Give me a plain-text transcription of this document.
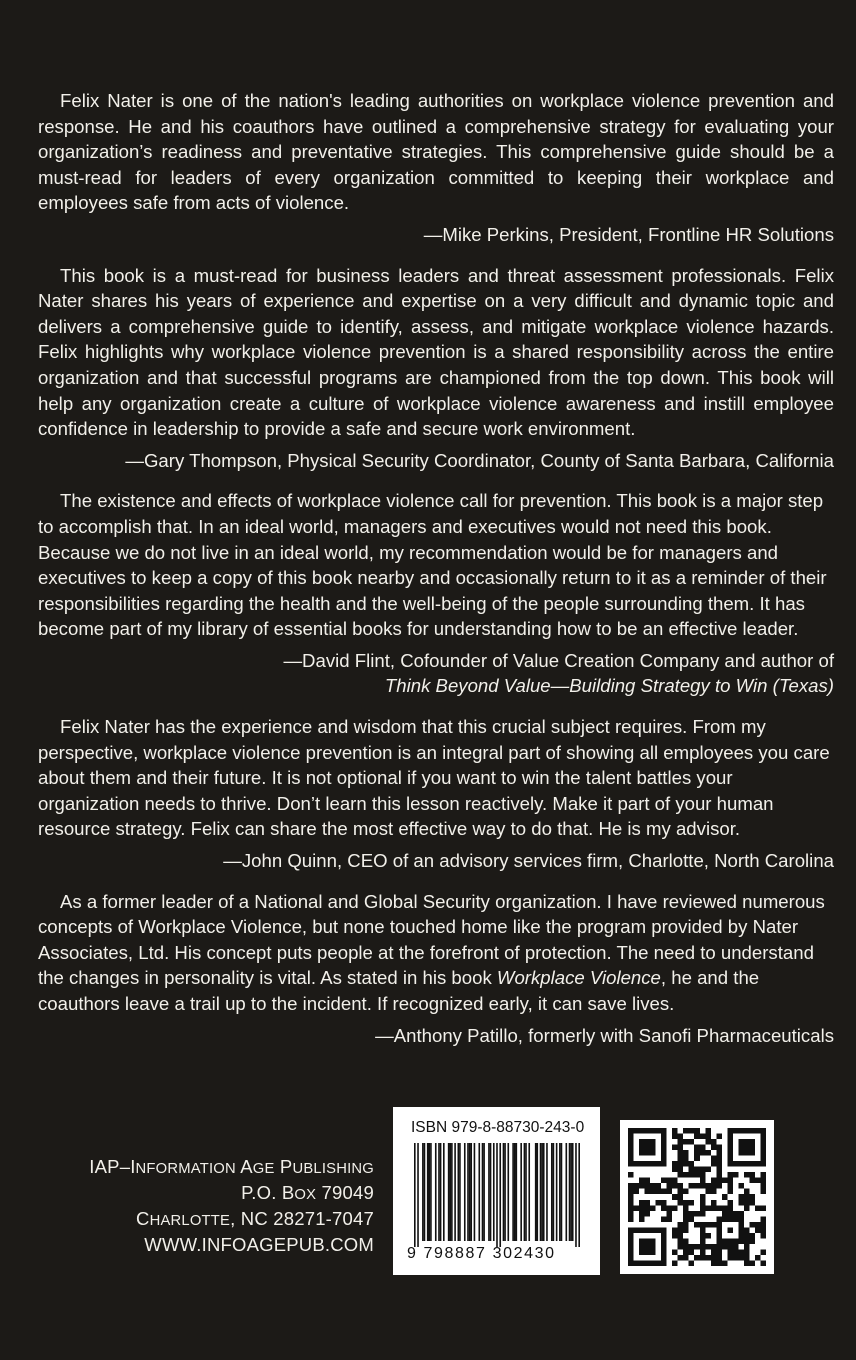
Felix Nater is one of the nation's leading authorities on workplace violence prevention and response. He and his coauthors have outlined a comprehensive strategy for evaluating your organization’s readiness and preventative strategies. This comprehensive guide should be a must-read for leaders of every organization committed to keeping their workplace and employees safe from acts of violence.

—Mike Perkins, President, Frontline HR Solutions

This book is a must-read for business leaders and threat assessment professionals. Felix Nater shares his years of experience and expertise on a very difficult and dynamic topic and delivers a comprehensive guide to identify, assess, and mitigate workplace violence hazards. Felix highlights why workplace violence prevention is a shared responsibility across the entire organization and that successful programs are championed from the top down. This book will help any organization create a culture of workplace violence awareness and instill employee confidence in leadership to provide a safe and secure work environment.

—Gary Thompson, Physical Security Coordinator, County of Santa Barbara, California

The existence and effects of workplace violence call for prevention. This book is a major step to accomplish that. In an ideal world, managers and executives would not need this book. Because we do not live in an ideal world, my recommendation would be for managers and executives to keep a copy of this book nearby and occasionally return to it as a reminder of their responsibilities regarding the health and the well-being of the people surrounding them. It has become part of my library of essential books for understanding how to be an effective leader.

—David Flint, Cofounder of Value Creation Company and author of

Think Beyond Value—Building Strategy to Win (Texas)

Felix Nater has the experience and wisdom that this crucial subject requires. From my perspective, workplace violence prevention is an integral part of showing all employees you care about them and their future. It is not optional if you want to win the talent battles your organization needs to thrive. Don’t learn this lesson reactively. Make it part of your human resource strategy. Felix can share the most effective way to do that. He is my advisor.

—John Quinn, CEO of an advisory services firm, Charlotte, North Carolina

As a former leader of a National and Global Security organization. I have reviewed numerous concepts of Workplace Violence, but none touched home like the program provided by Nater Associates, Ltd. His concept puts people at the forefront of protection. The need to understand the changes in personality is vital. As stated in his book Workplace Violence, he and the coauthors leave a trail up to the incident. If recognized early, it can save lives.

—Anthony Patillo, formerly with Sanofi Pharmaceuticals

IAP–INFORMATION AGE PUBLISHING
P.O. BOX 79049
CHARLOTTE, NC 28271-7047
WWW.INFOAGEPUB.COM
ISBN 979-8-88730-243-0
9 798887 302430
